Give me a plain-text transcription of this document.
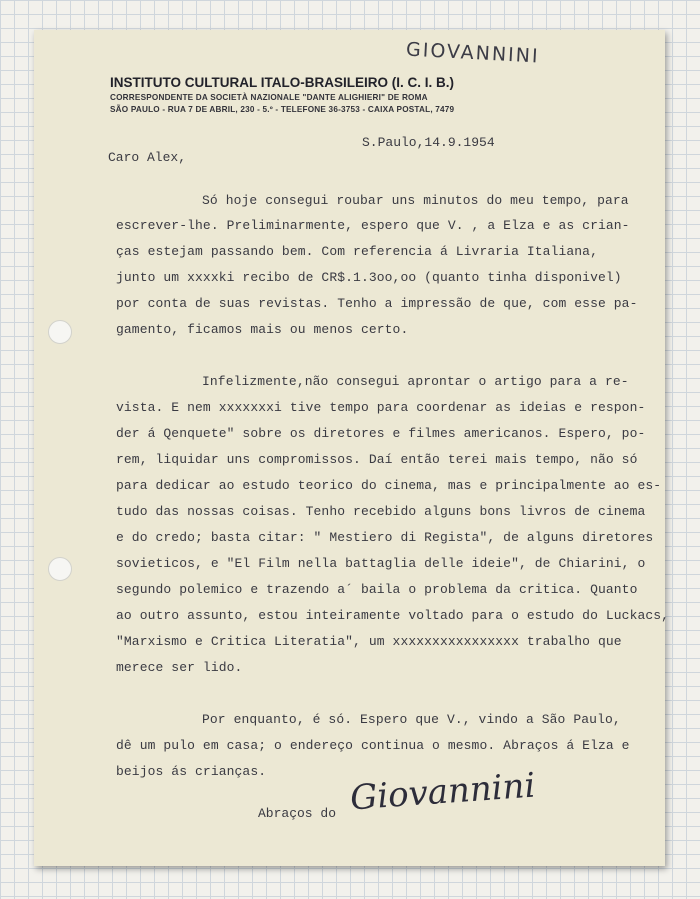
GIOVANNINI
INSTITUTO CULTURAL ITALO-BRASILEIRO (I. C. I. B.)
CORRESPONDENTE DA SOCIETÀ NAZIONALE "DANTE ALIGHIERI" DE ROMA
SÃO PAULO - RUA 7 DE ABRIL, 230 - 5.º - TELEFONE 36-3753 - CAIXA POSTAL, 7479
S.Paulo,14.9.1954
Caro Alex,
Só hoje consegui roubar uns minutos do meu tempo, para
escrever-lhe. Preliminarmente, espero que V. , a Elza e as crian-
ças estejam passando bem. Com referencia á Livraria Italiana,
junto um xxxxki recibo de CR$.1.3oo,oo (quanto tinha disponivel)
por conta de suas revistas. Tenho a impressão de que, com esse pa-
gamento, ficamos mais ou menos certo.
Infelizmente,não consegui aprontar o artigo para a re-
vista. E nem xxxxxxxi tive tempo para coordenar as ideias e respon-
der á Qenquete" sobre os diretores e filmes americanos. Espero, po-
rem, liquidar uns compromissos. Daí então terei mais tempo, não só
para dedicar ao estudo teorico do cinema, mas e principalmente ao es-
tudo das nossas coisas. Tenho recebido alguns bons livros de cinema
e do credo; basta citar: " Mestiero di Regista", de alguns diretores
sovieticos, e "El Film nella battaglia delle ideie", de Chiarini, o
segundo polemico e trazendo a´ baila o problema da critica. Quanto
ao outro assunto, estou inteiramente voltado para o estudo do Luckacs,
"Marxismo e Critica Literatia", um xxxxxxxxxxxxxxxx trabalho que
merece ser lido.
Por enquanto, é só. Espero que V., vindo a São Paulo,
dê um pulo em casa; o endereço continua o mesmo. Abraços á Elza e
beijos ás crianças.
Abraços do Giovannini
